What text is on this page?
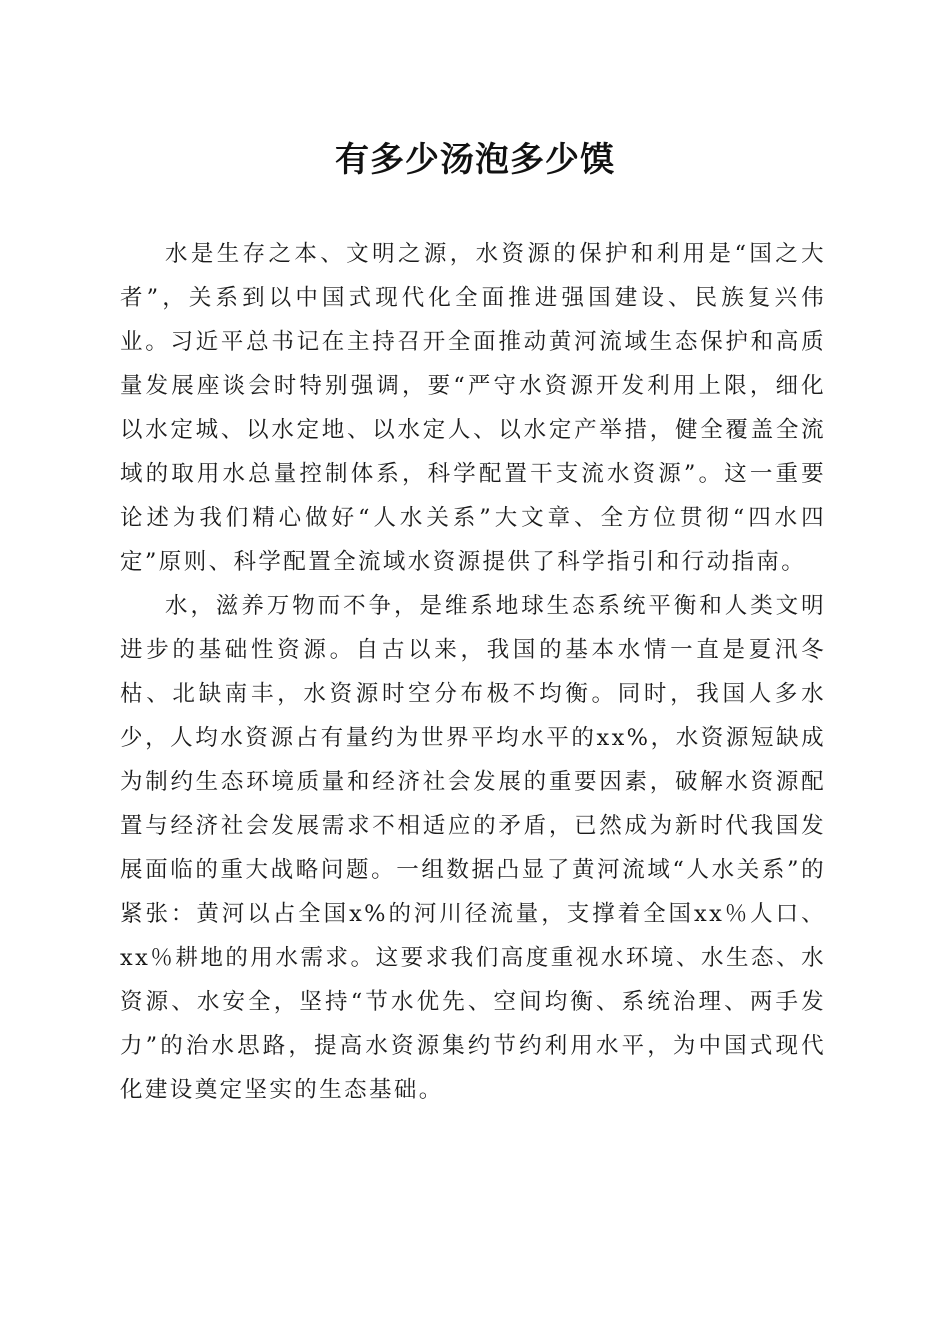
有多少汤泡多少馍

水是生存之本、文明之源，水资源的保护和利用是“国之大者”，关系到以中国式现代化全面推进强国建设、民族复兴伟业。习近平总书记在主持召开全面推动黄河流域生态保护和高质量发展座谈会时特别强调，要“严守水资源开发利用上限，细化以水定城、以水定地、以水定人、以水定产举措，健全覆盖全流域的取用水总量控制体系，科学配置干支流水资源”。这一重要论述为我们精心做好“人水关系”大文章、全方位贯彻“四水四定”原则、科学配置全流域水资源提供了科学指引和行动指南。

水，滋养万物而不争，是维系地球生态系统平衡和人类文明进步的基础性资源。自古以来，我国的基本水情一直是夏汛冬枯、北缺南丰，水资源时空分布极不均衡。同时，我国人多水少，人均水资源占有量约为世界平均水平的xx%，水资源短缺成为制约生态环境质量和经济社会发展的重要因素，破解水资源配置与经济社会发展需求不相适应的矛盾，已然成为新时代我国发展面临的重大战略问题。一组数据凸显了黄河流域“人水关系”的紧张：黄河以占全国x%的河川径流量，支撑着全国xx％人口、xx％耕地的用水需求。这要求我们高度重视水环境、水生态、水资源、水安全，坚持“节水优先、空间均衡、系统治理、两手发力”的治水思路，提高水资源集约节约利用水平，为中国式现代化建设奠定坚实的生态基础。
